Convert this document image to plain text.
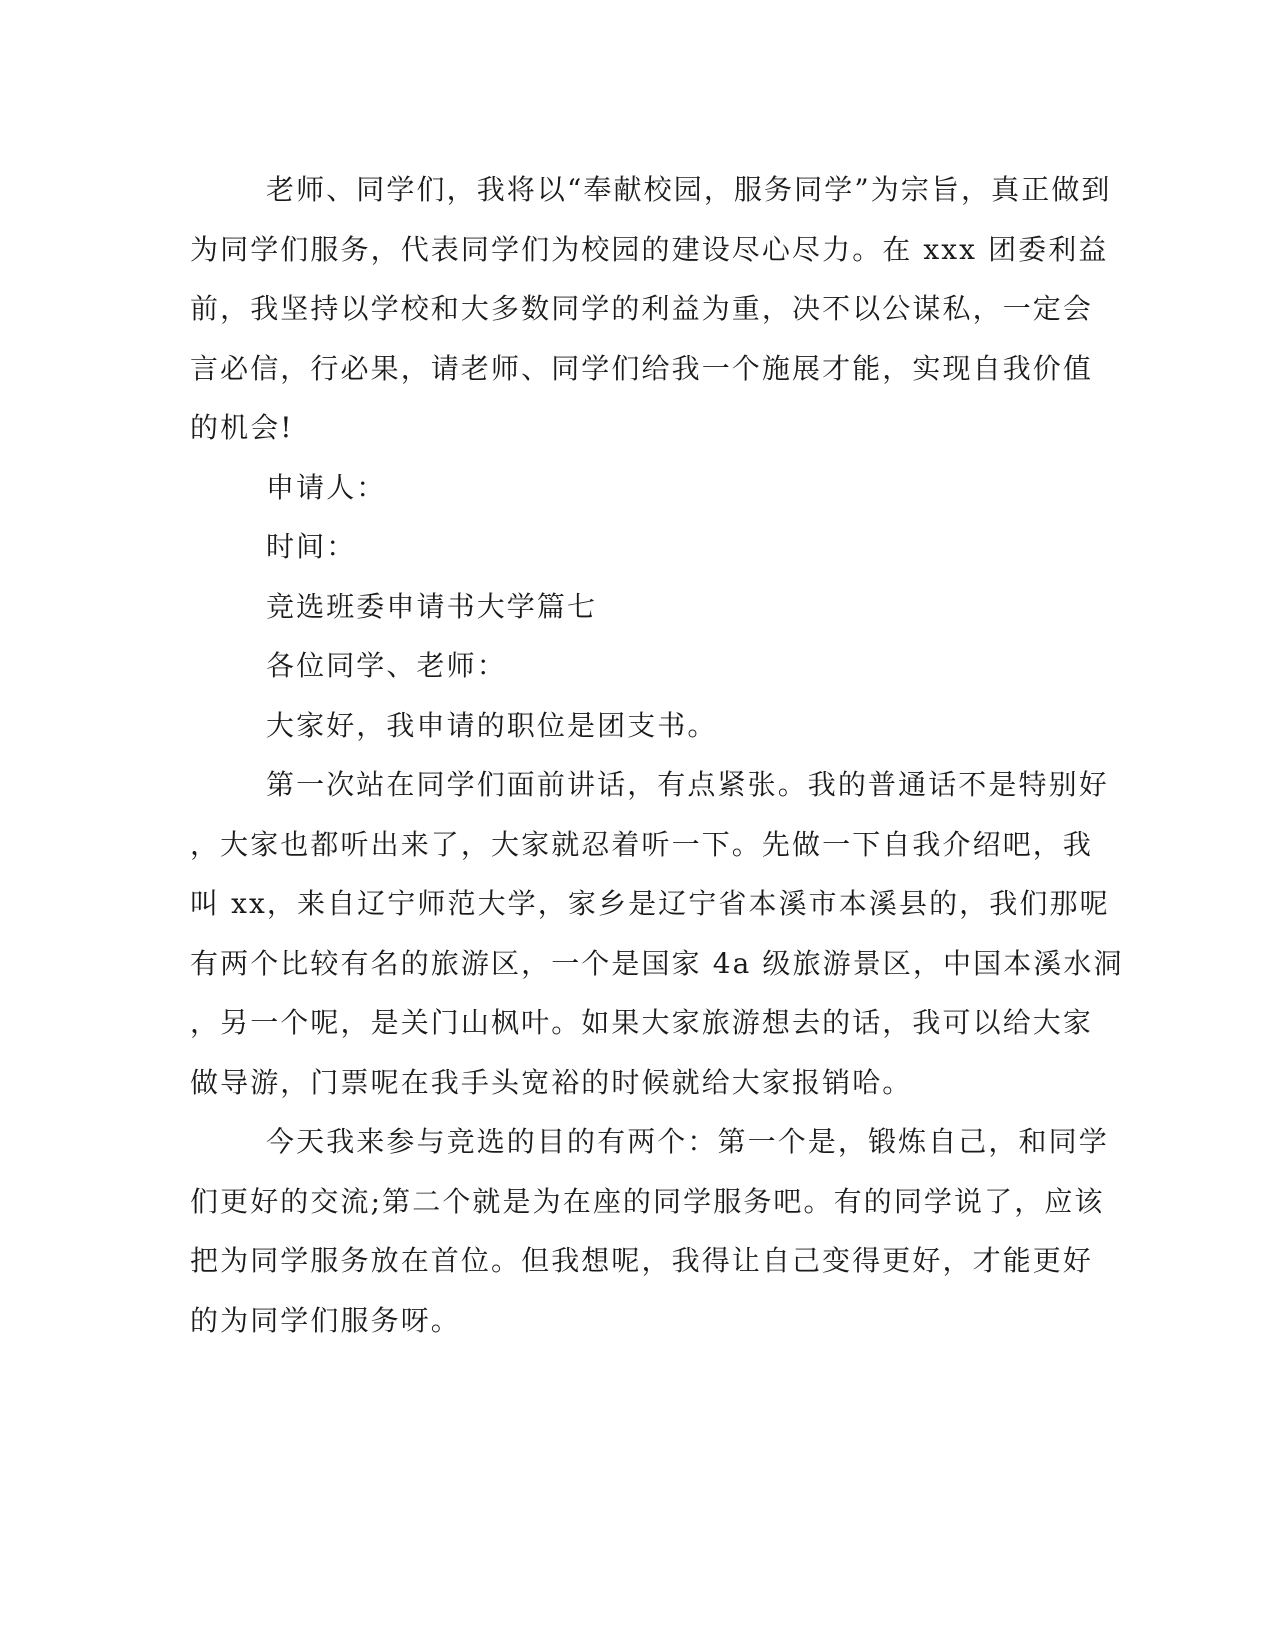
老师、同学们，我将以“奉献校园，服务同学”为宗旨，真正做到
为同学们服务，代表同学们为校园的建设尽心尽力。在 xxx 团委利益
前，我坚持以学校和大多数同学的利益为重，决不以公谋私，一定会
言必信，行必果，请老师、同学们给我一个施展才能，实现自我价值
的机会!
申请人：
时间：
竞选班委申请书大学篇七
各位同学、老师：
大家好，我申请的职位是团支书。
第一次站在同学们面前讲话，有点紧张。我的普通话不是特别好
，大家也都听出来了，大家就忍着听一下。先做一下自我介绍吧，我
叫 xx，来自辽宁师范大学，家乡是辽宁省本溪市本溪县的，我们那呢
有两个比较有名的旅游区，一个是国家 4a 级旅游景区，中国本溪水洞
，另一个呢，是关门山枫叶。如果大家旅游想去的话，我可以给大家
做导游，门票呢在我手头宽裕的时候就给大家报销哈。
今天我来参与竞选的目的有两个：第一个是，锻炼自己，和同学
们更好的交流;第二个就是为在座的同学服务吧。有的同学说了，应该
把为同学服务放在首位。但我想呢，我得让自己变得更好，才能更好
的为同学们服务呀。
